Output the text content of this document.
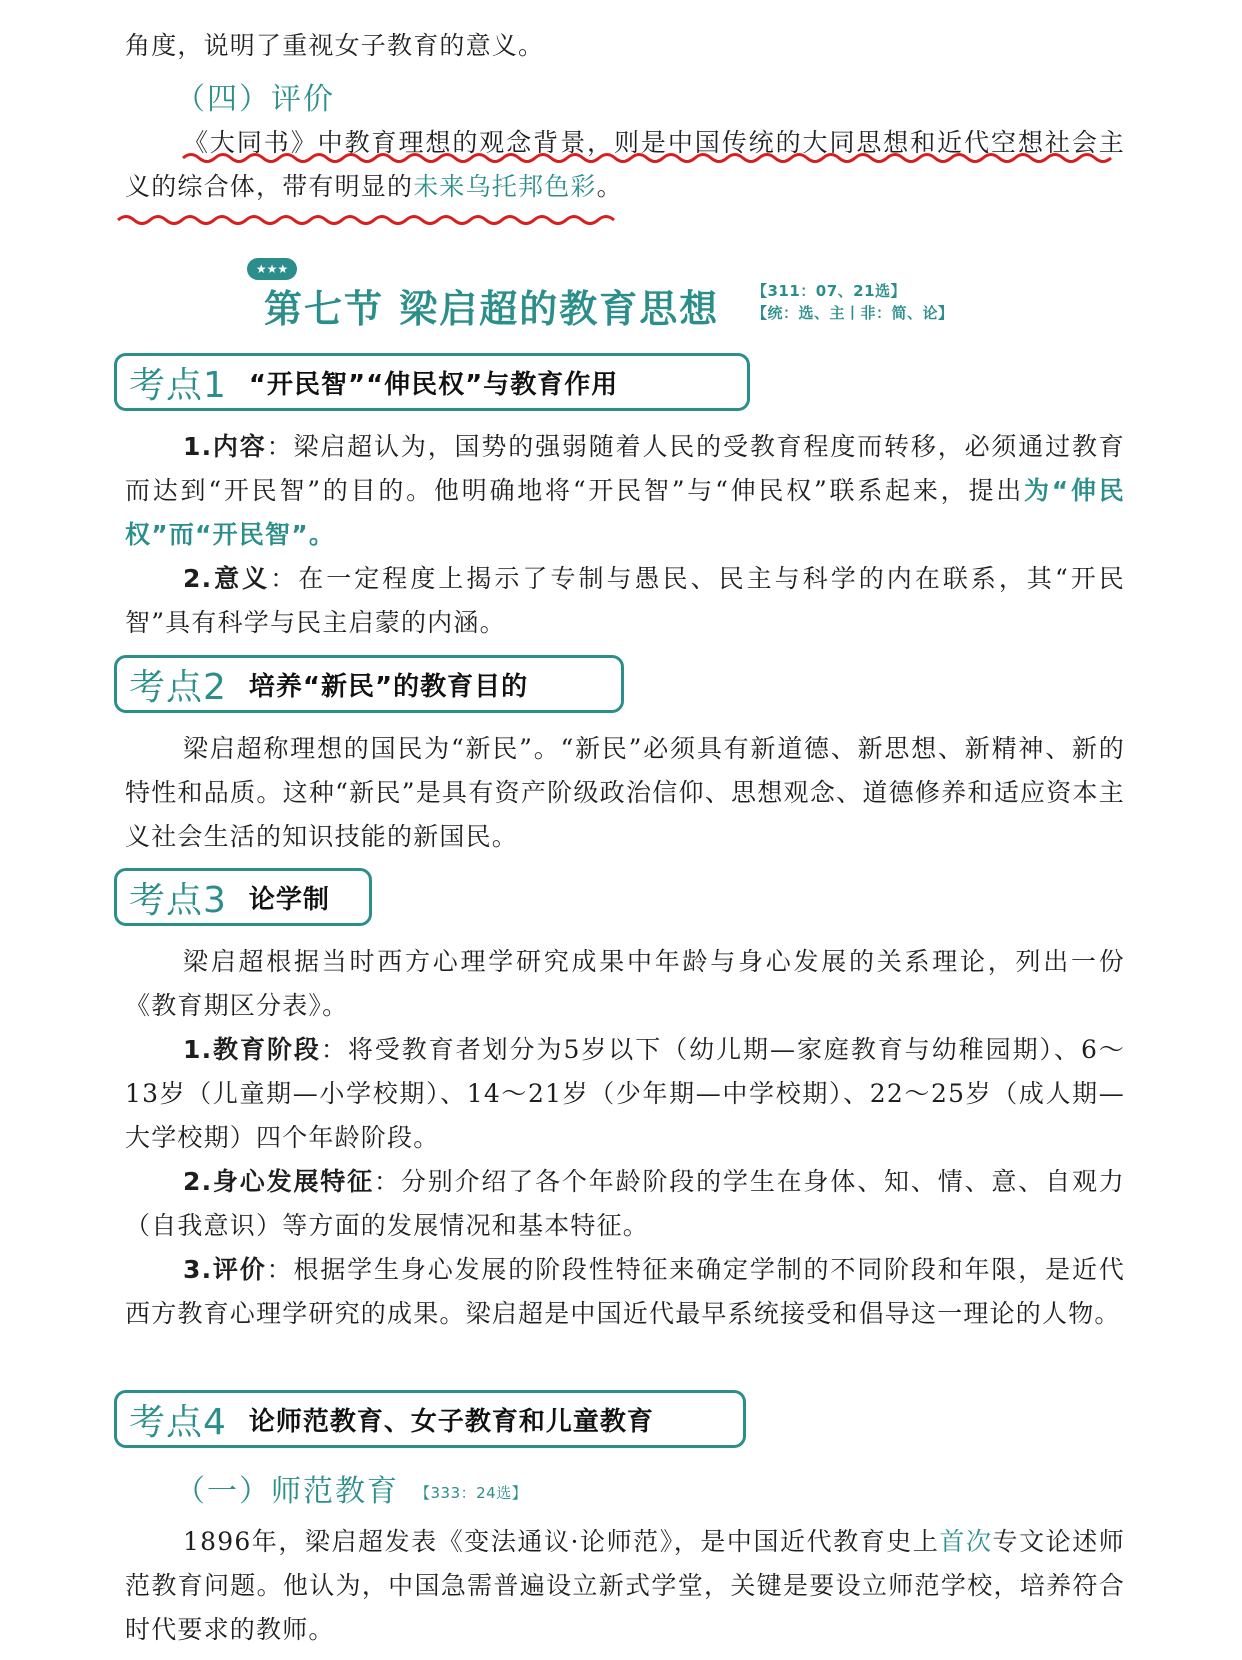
角度，说明了重视女子教育的意义。
（四）评价
《大同书》中教育理想的观念背景，则是中国传统的大同思想和近代空想社会主义的综合体，带有明显的未来乌托邦色彩。
★★★
第七节 梁启超的教育思想 【311：07、21选】
【统：选、主丨非：简、论】
考点1 “开民智”“伸民权”与教育作用
1.内容：梁启超认为，国势的强弱随着人民的受教育程度而转移，必须通过教育而达到“开民智”的目的。他明确地将“开民智”与“伸民权”联系起来，提出为“伸民权”而“开民智”。
2.意义：在一定程度上揭示了专制与愚民、民主与科学的内在联系，其“开民智”具有科学与民主启蒙的内涵。
考点2 培养“新民”的教育目的
梁启超称理想的国民为“新民”。“新民”必须具有新道德、新思想、新精神、新的特性和品质。这种“新民”是具有资产阶级政治信仰、思想观念、道德修养和适应资本主义社会生活的知识技能的新国民。
考点3 论学制
梁启超根据当时西方心理学研究成果中年龄与身心发展的关系理论，列出一份《教育期区分表》。
1.教育阶段：将受教育者划分为5岁以下（幼儿期—家庭教育与幼稚园期）、6～13岁（儿童期—小学校期）、14～21岁（少年期—中学校期）、22～25岁（成人期—大学校期）四个年龄阶段。
2.身心发展特征：分别介绍了各个年龄阶段的学生在身体、知、情、意、自观力（自我意识）等方面的发展情况和基本特征。
3.评价：根据学生身心发展的阶段性特征来确定学制的不同阶段和年限，是近代西方教育心理学研究的成果。梁启超是中国近代最早系统接受和倡导这一理论的人物。
考点4 论师范教育、女子教育和儿童教育
（一）师范教育 【333：24选】
1896年，梁启超发表《变法通议·论师范》，是中国近代教育史上首次专文论述师范教育问题。他认为，中国急需普遍设立新式学堂，关键是要设立师范学校，培养符合时代要求的教师。
